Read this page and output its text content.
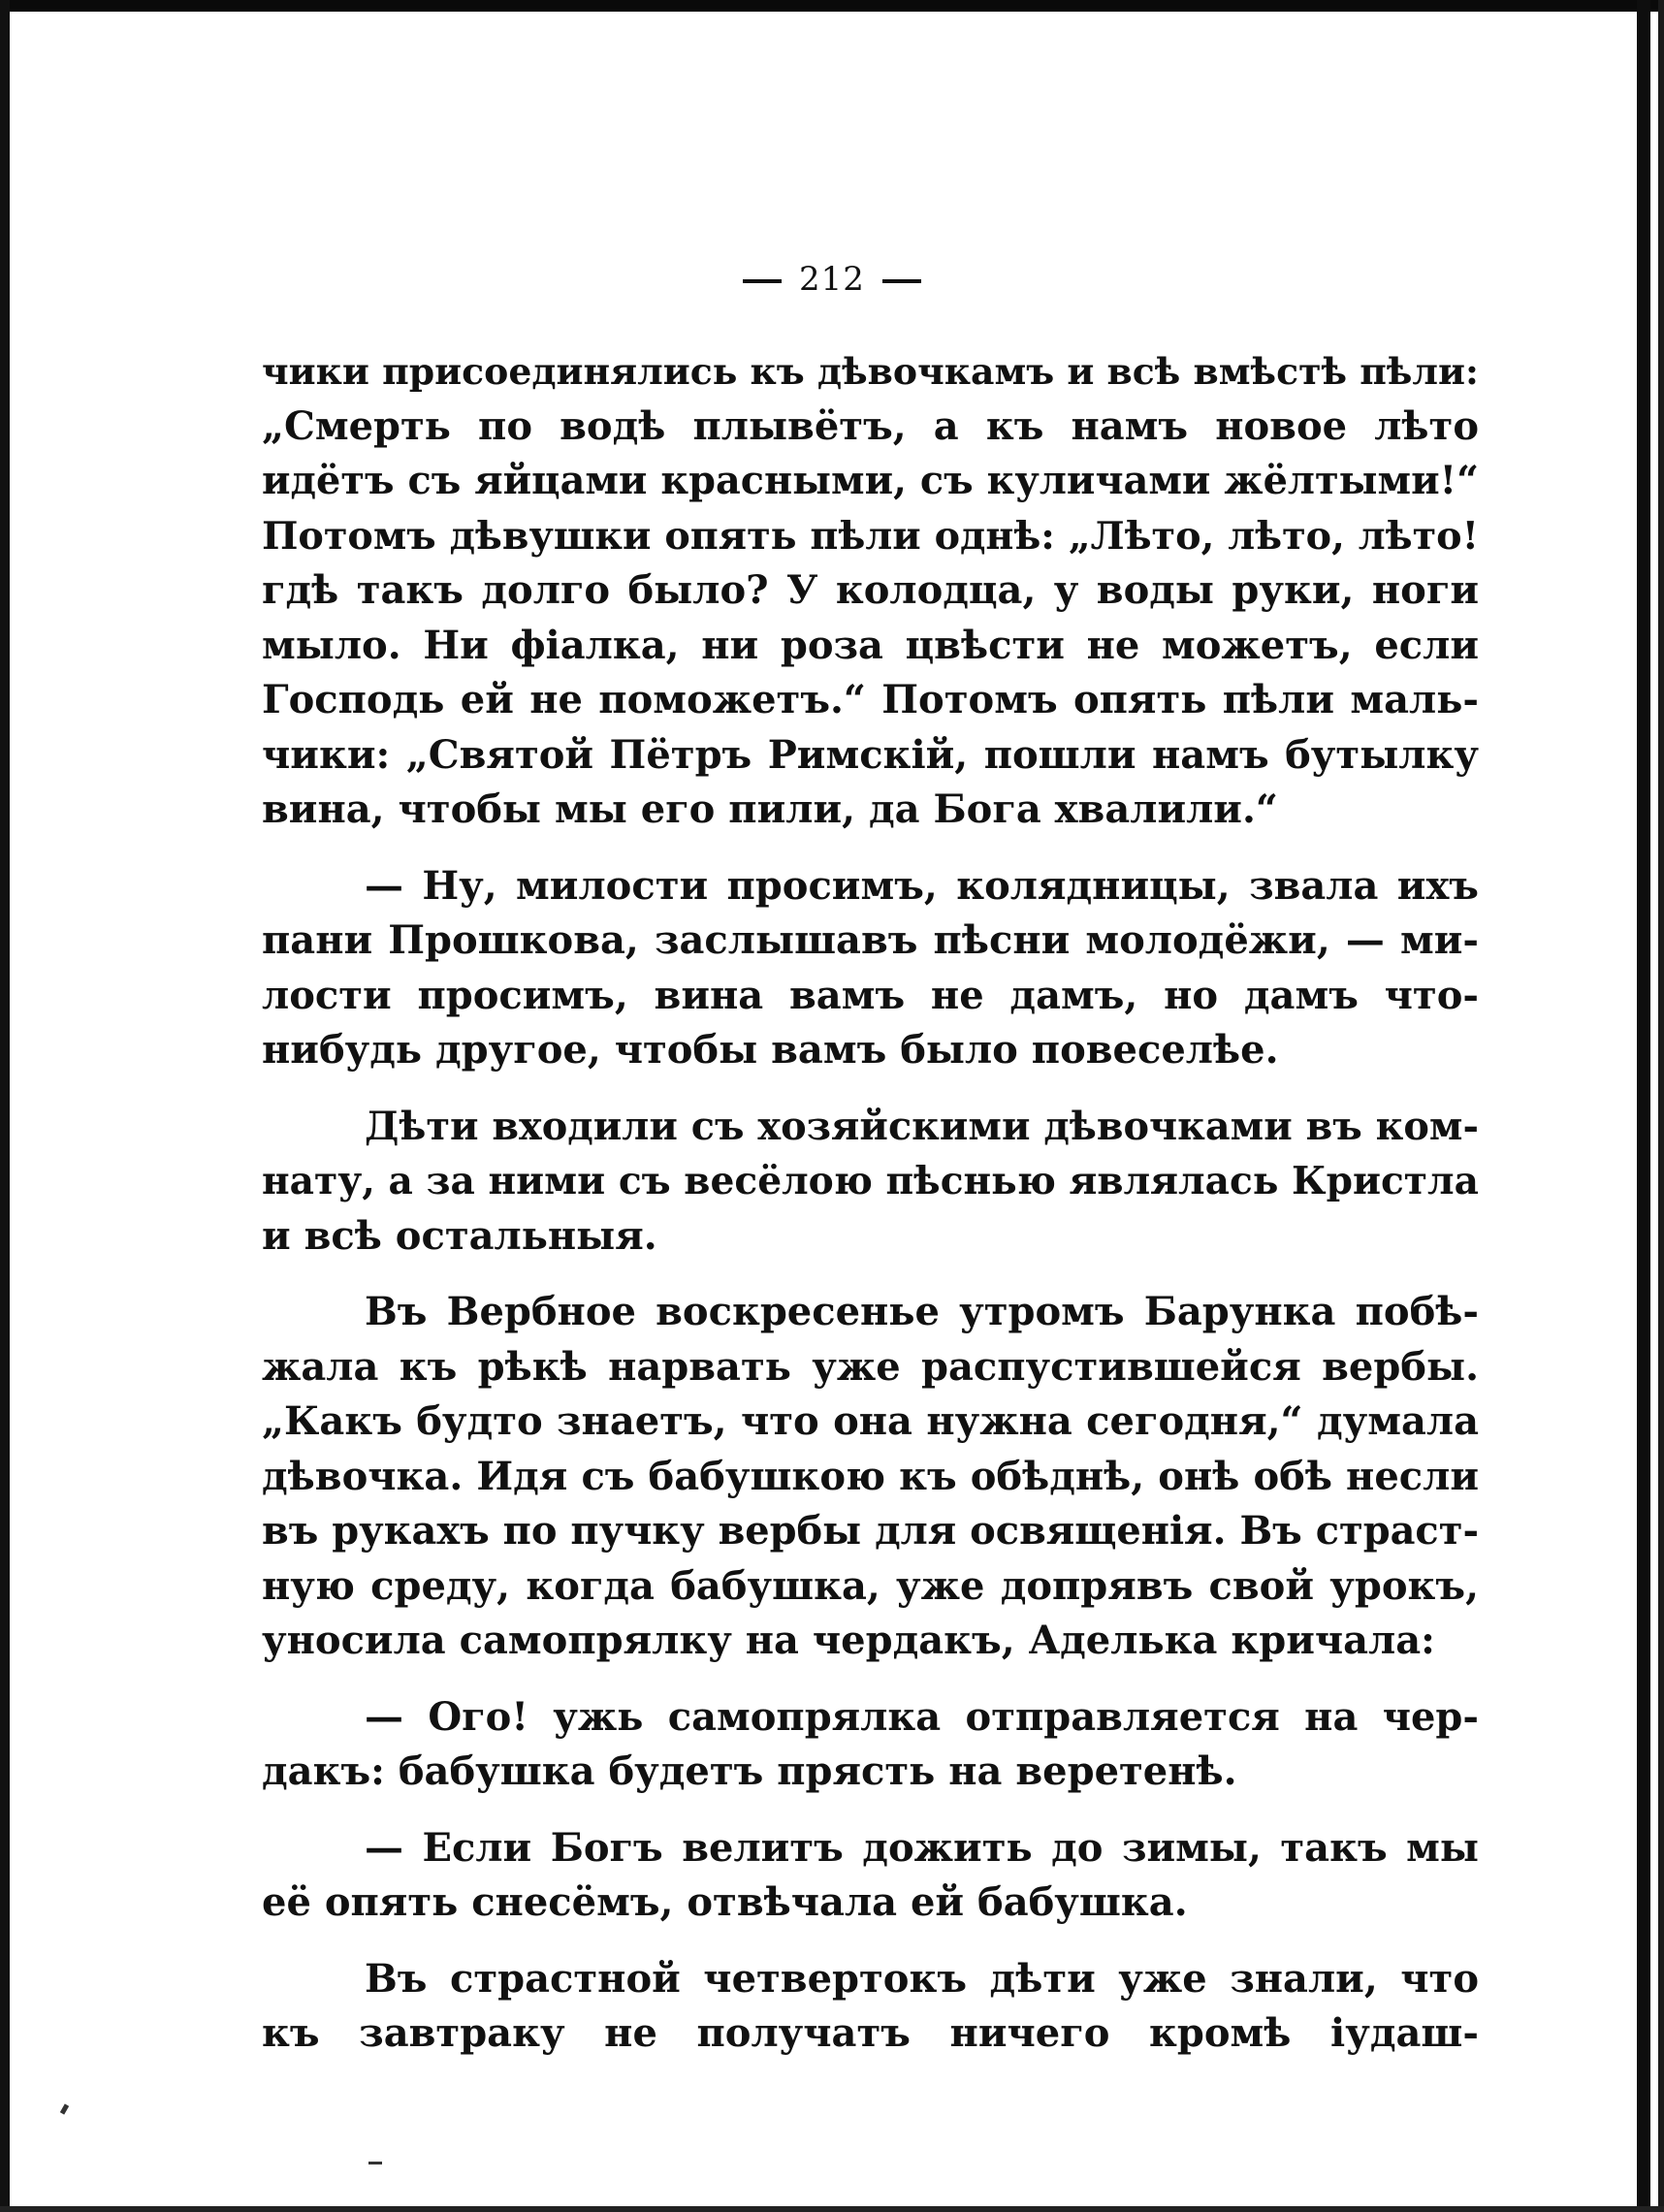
212

чики присоединялись къ дѣвочкамъ и всѣ вмѣстѣ пѣли:
„Смерть по водѣ плывётъ, а къ намъ новое лѣто
идётъ съ яйцами красными, съ куличами жёлтыми!“
Потомъ дѣвушки опять пѣли однѣ: „Лѣто, лѣто, лѣто!
гдѣ такъ долго было? У колодца, у воды руки, ноги
мыло. Ни фіалка, ни роза цвѣсти не можетъ, если
Господь ей не поможетъ.“ Потомъ опять пѣли маль-
чики: „Святой Пётръ Римскій, пошли намъ бутылку
вина, чтобы мы его пили, да Бога хвалили.“

— Ну, милости просимъ, колядницы, звала ихъ
пани Прошкова, заслышавъ пѣсни молодёжи, — ми-
лости просимъ, вина вамъ не дамъ, но дамъ что-
нибудь другое, чтобы вамъ было повеселѣе.

Дѣти входили съ хозяйскими дѣвочками въ ком-
нату, а за ними съ весёлою пѣснью являлась Кристла
и всѣ остальныя.

Въ Вербное воскресенье утромъ Барунка побѣ-
жала къ рѣкѣ нарвать уже распустившейся вербы.
„Какъ будто знаетъ, что она нужна сегодня,“ думала
дѣвочка. Идя съ бабушкою къ обѣднѣ, онѣ обѣ несли
въ рукахъ по пучку вербы для освященія. Въ страст-
ную среду, когда бабушка, уже допрявъ свой урокъ,
уносила самопрялку на чердакъ, Аделька кричала:

— Ого! ужь самопрялка отправляется на чер-
дакъ: бабушка будетъ прясть на веретенѣ.

— Если Богъ велитъ дожить до зимы, такъ мы
её опять снесёмъ, отвѣчала ей бабушка.

Въ страстной четвертокъ дѣти уже знали, что
къ завтраку не получатъ ничего кромѣ іудаш-
